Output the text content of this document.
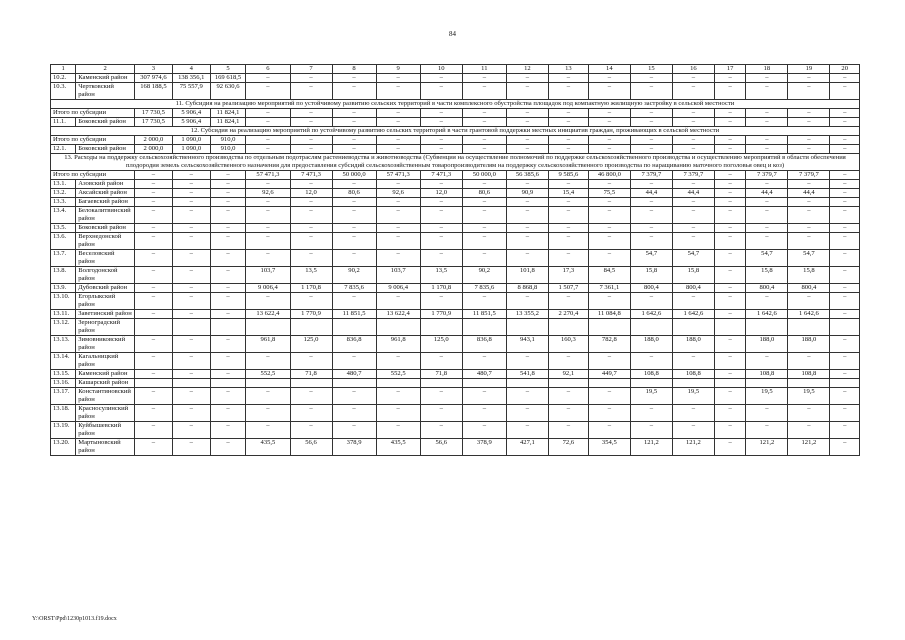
84
1	2	3	4	5	6	7	8	9	10	11	12	13	14	15	16	17	18	19	20
10.2.	Каменский район	307 974,6	138 356,1	169 618,5	–	–	–	–	–	–	–	–	–	–	–	–	–	–	–
10.3.	Чертковский район	168 188,5	75 557,9	92 630,6	–	–	–	–	–	–	–	–	–	–	–	–	–	–	–
11. Субсидия на реализацию мероприятий по устойчивому развитию сельских территорий в части комплексного обустройства площадок под компактную жилищную застройку в сельской местности																			
Итого по субсидии		17 730,5	5 906,4	11 824,1	–	–	–	–	–	–	–	–	–	–	–	–	–	–	–
11.1.	Боковский район	17 730,5	5 906,4	11 824,1	–	–	–	–	–	–	–	–	–	–	–	–	–	–	–
12. Субсидия на реализацию мероприятий по устойчивому развитию сельских территорий в части грантовой поддержки местных инициатив граждан, проживающих в сельской местности																			
Итого по субсидии		2 000,0	1 090,0	910,0	–	–	–	–	–	–	–	–	–	–	–	–	–	–	–
12.1.	Боковский район	2 000,0	1 090,0	910,0	–	–	–	–	–	–	–	–	–	–	–	–	–	–	–
13. Расходы на поддержку сельскохозяйственного производства по отдельным подотраслям растениеводства и животноводства (Субвенция на осуществление полномочий по поддержке сельскохозяйственного производства и осуществлению мероприятий в области обеспечения плодородия земель сельскохозяйственного назначения для предоставления субсидий сельскохозяйственным товаропроизводителям на поддержку сельскохозяйственного производства по наращиванию маточного поголовья овец и коз)																			
Итого по субсидии		–	–	–	57 471,3	7 471,3	50 000,0	57 471,3	7 471,3	50 000,0	56 385,6	9 585,6	46 800,0	7 379,7	7 379,7	–	7 379,7	7 379,7	–
13.1.	Азовский район	–	–	–	–	–	–	–	–	–	–	–	–	–	–	–	–	–	–
13.2.	Аксайский район	–	–	–	92,6	12,0	80,6	92,6	12,0	80,6	90,9	15,4	75,5	44,4	44,4	–	44,4	44,4	–
13.3.	Багаевский район	–	–	–	–	–	–	–	–	–	–	–	–	–	–	–	–	–	–
13.4.	Белокалитвинский район	–	–	–	–	–	–	–	–	–	–	–	–	–	–	–	–	–	–
13.5.	Боковский район	–	–	–	–	–	–	–	–	–	–	–	–	–	–	–	–	–	–
13.6.	Верхнедонской район	–	–	–	–	–	–	–	–	–	–	–	–	–	–	–	–	–	–
13.7.	Веселовский район	–	–	–	–	–	–	–	–	–	–	–	–	54,7	54,7	–	54,7	54,7	–
13.8.	Волгодонской район	–	–	–	103,7	13,5	90,2	103,7	13,5	90,2	101,8	17,3	84,5	15,8	15,8	–	15,8	15,8	–
13.9.	Дубовский район	–	–	–	9 006,4	1 170,8	7 835,6	9 006,4	1 170,8	7 835,6	8 868,8	1 507,7	7 361,1	800,4	800,4	–	800,4	800,4	–
13.10.	Егорлыкский район	–	–	–	–	–	–	–	–	–	–	–	–	–	–	–	–	–	–
13.11.	Заветинский район	–	–	–	13 622,4	1 770,9	11 851,5	13 622,4	1 770,9	11 851,5	13 355,2	2 270,4	11 084,8	1 642,6	1 642,6	–	1 642,6	1 642,6	–
13.12.	Зерноградский район																		
13.13.	Зимовниковский район	–	–	–	961,8	125,0	836,8	961,8	125,0	836,8	943,1	160,3	782,8	188,0	188,0	–	188,0	188,0	–
13.14.	Кагальницкий район	–	–	–	–	–	–	–	–	–	–	–	–	–	–	–	–	–	–
13.15.	Каменский район	–	–	–	552,5	71,8	480,7	552,5	71,8	480,7	541,8	92,1	449,7	108,8	108,8	–	108,8	108,8	–
13.16.	Кашарский район																		
13.17.	Константиновский район	–	–	–	–	–	–	–	–	–	–	–	–	19,5	19,5	–	19,5	19,5	–
13.18.	Красносулинский район	–	–	–	–	–	–	–	–	–	–	–	–	–	–	–	–	–	–
13.19.	Куйбышевский район	–	–	–	–	–	–	–	–	–	–	–	–	–	–	–	–	–	–
13.20.	Мартыновский район	–	–	–	435,5	56,6	378,9	435,5	56,6	378,9	427,1	72,6	354,5	121,2	121,2	–	121,2	121,2	–
Y:\ORST\Ppd\1230p1013.f19.docx
